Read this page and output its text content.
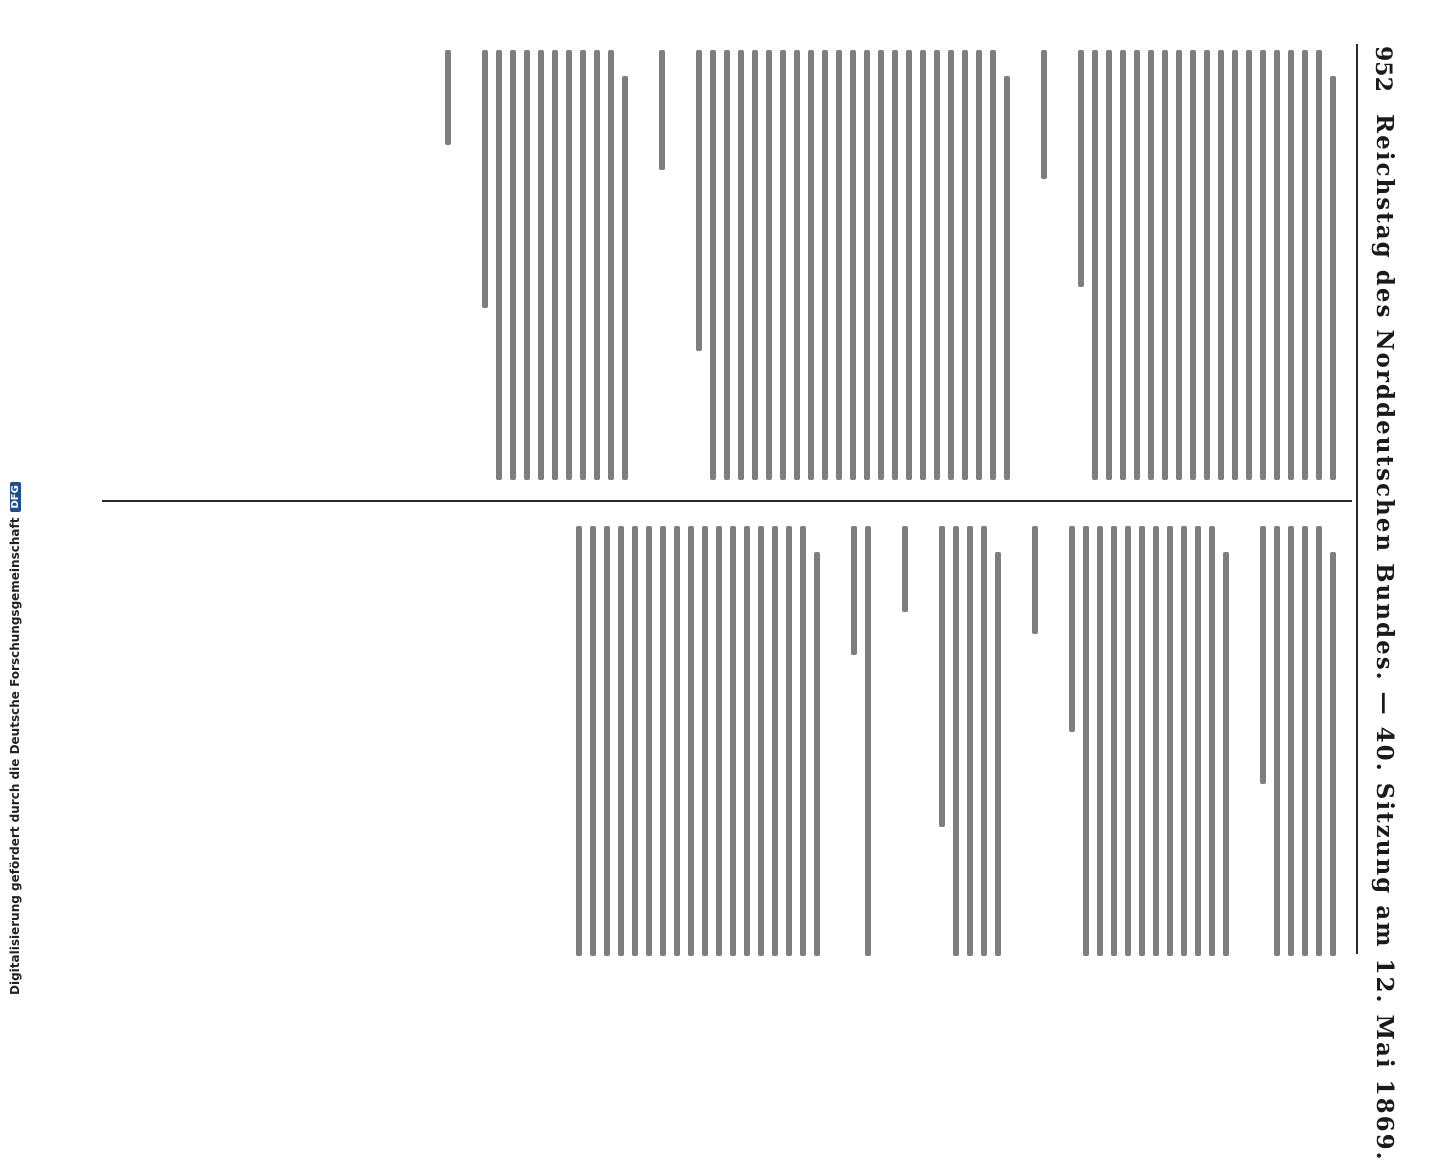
952
Reichstag des Norddeutschen Bundes. — 40. Sitzung am 12. Mai 1869.
Digitalisierung gefördert durch die Deutsche Forschungsgemeinschaft
DFG
